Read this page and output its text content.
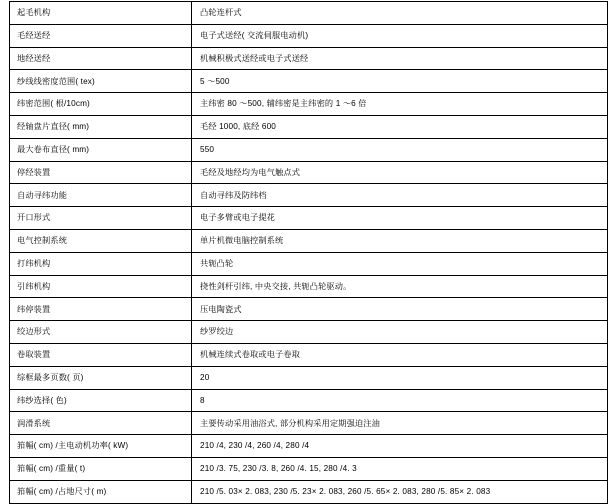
起毛机构	凸轮连杆式
毛经送经	电子式送经( 交流伺服电动机)
地经送经	机械积极式送经或电子式送经
纱线线密度范围( tex)	5 ～500
纬密范围( 根/10cm)	主纬密 80 ～500, 辅纬密是主纬密的 1 ～6 倍
经轴盘片直径( mm)	毛经 1000, 底经 600
最大卷布直径( mm)	550
停经装置	毛经及地经均为电气触点式
自动寻纬功能	自动寻纬及防纬档
开口形式	电子多臂或电子提花
电气控制系统	单片机微电脑控制系统
打纬机构	共轭凸轮
引纬机构	挠性剑杆引纬, 中央交接, 共轭凸轮驱动。
纬停装置	压电陶瓷式
绞边形式	纱罗绞边
卷取装置	机械连续式卷取或电子卷取
综框最多页数( 页)	20
纬纱选择( 色)	8
润滑系统	主要传动采用油浴式, 部分机构采用定期强迫注油
筘幅( cm) /主电动机功率( kW)	210 /4, 230 /4, 260 /4, 280 /4
筘幅( cm) /重量( t)	210 /3. 75, 230 /3. 8, 260 /4. 15, 280 /4. 3
筘幅( cm) /占地尺寸( m)	210 /5. 03× 2. 083, 230 /5. 23× 2. 083, 260 /5. 65× 2. 083, 280 /5. 85× 2. 083
